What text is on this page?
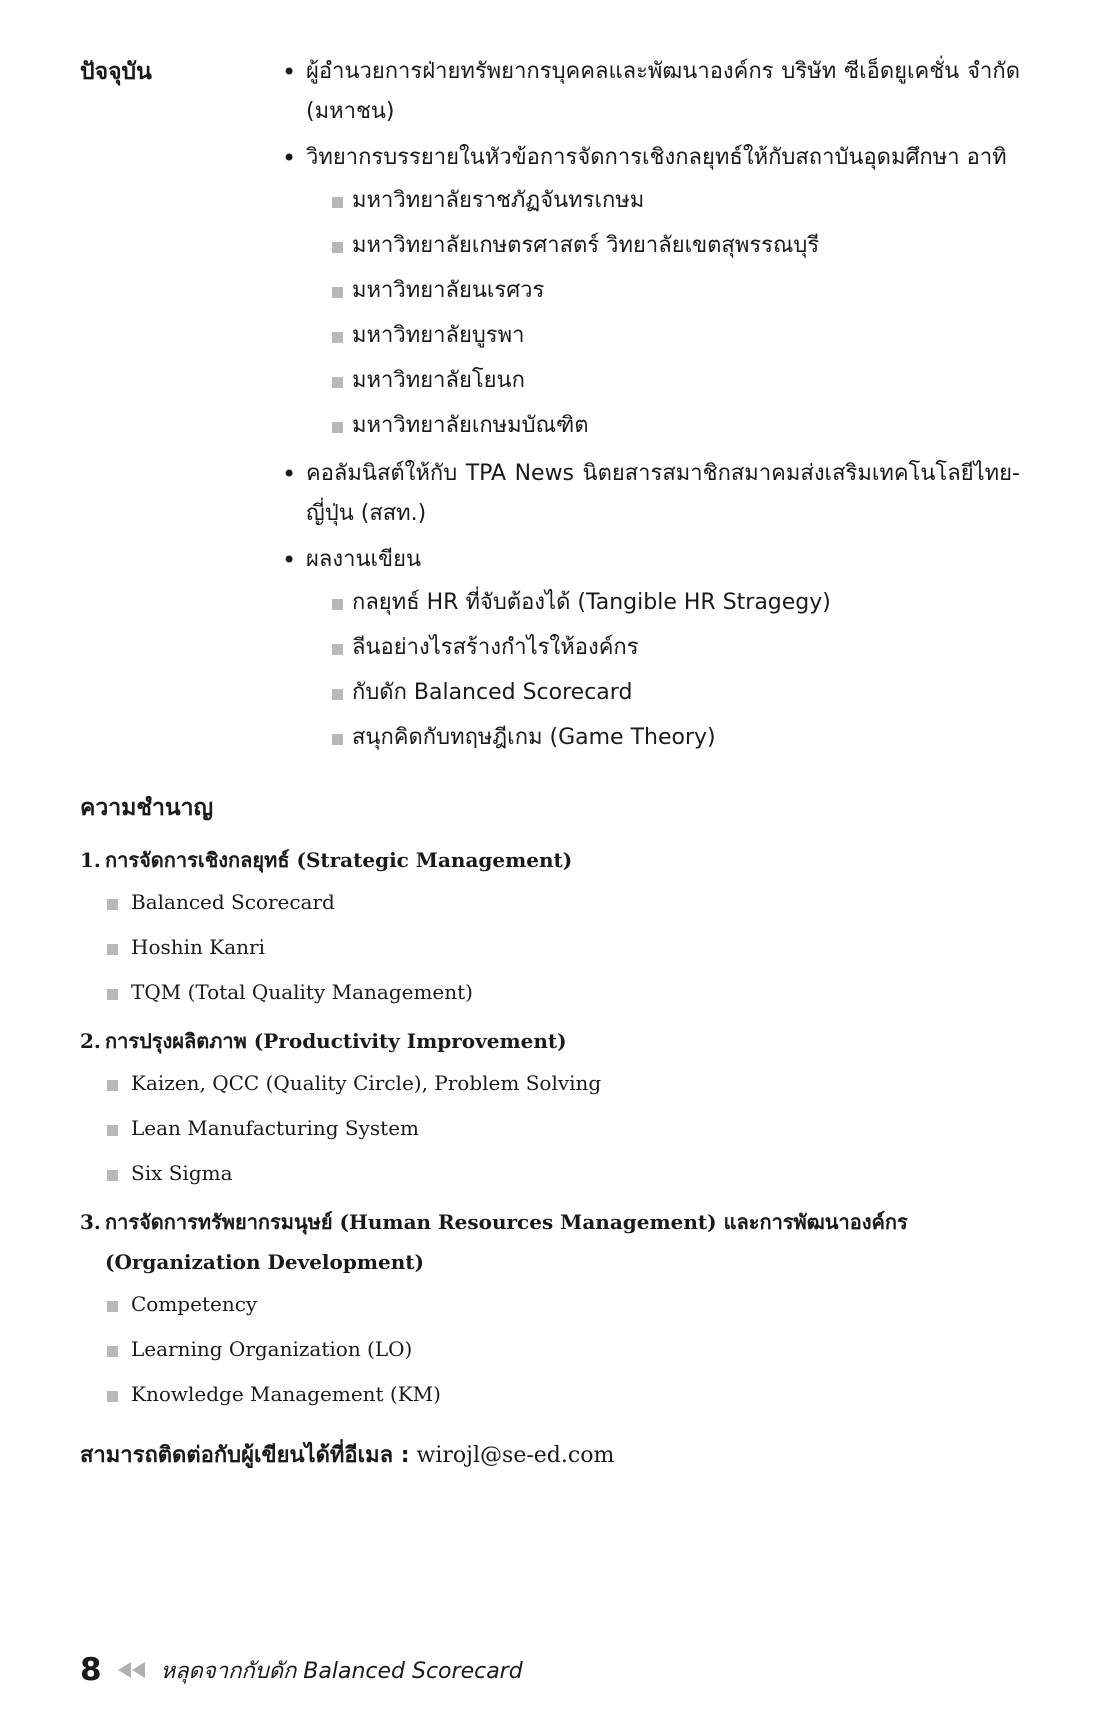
ปัจจุบัน
•	ผู้อำนวยการฝ่ายทรัพยากรบุคคลและพัฒนาองค์กร บริษัท ซีเอ็ดยูเคชั่น จำกัด (มหาชน)
• วิทยากรบรรยายในหัวข้อการจัดการเชิงกลยุทธ์ให้กับสถาบันอุดมศึกษา อาทิ
มหาวิทยาลัยราชภัฏจันทรเกษม
มหาวิทยาลัยเกษตรศาสตร์ วิทยาลัยเขตสุพรรณบุรี
มหาวิทยาลัยนเรศวร
มหาวิทยาลัยบูรพา
มหาวิทยาลัยโยนก
มหาวิทยาลัยเกษมบัณฑิต
• คอลัมนิสต์ให้กับ TPA News นิตยสารสมาชิกสมาคมส่งเสริมเทคโนโลยีไทย-ญี่ปุ่น (สสท.)
• ผลงานเขียน
กลยุทธ์ HR ที่จับต้องได้ (Tangible HR Stragegy)
ลีนอย่างไรสร้างกำไรให้องค์กร
กับดัก Balanced Scorecard
สนุกคิดกับทฤษฎีเกม (Game Theory)
ความชำนาญ
1. การจัดการเชิงกลยุทธ์ (Strategic Management)
Balanced Scorecard
Hoshin Kanri
TQM (Total Quality Management)
2. การปรุงผลิตภาพ (Productivity Improvement)
Kaizen, QCC (Quality Circle), Problem Solving
Lean Manufacturing System
Six Sigma
3. การจัดการทรัพยากรมนุษย์ (Human Resources Management) และการพัฒนาองค์กร (Organization Development)
Competency
Learning Organization (LO)
Knowledge Management (KM)
สามารถติดต่อกับผู้เขียนได้ที่อีเมล : wirojl@se-ed.com
8	หลุดจากกับดัก Balanced Scorecard
